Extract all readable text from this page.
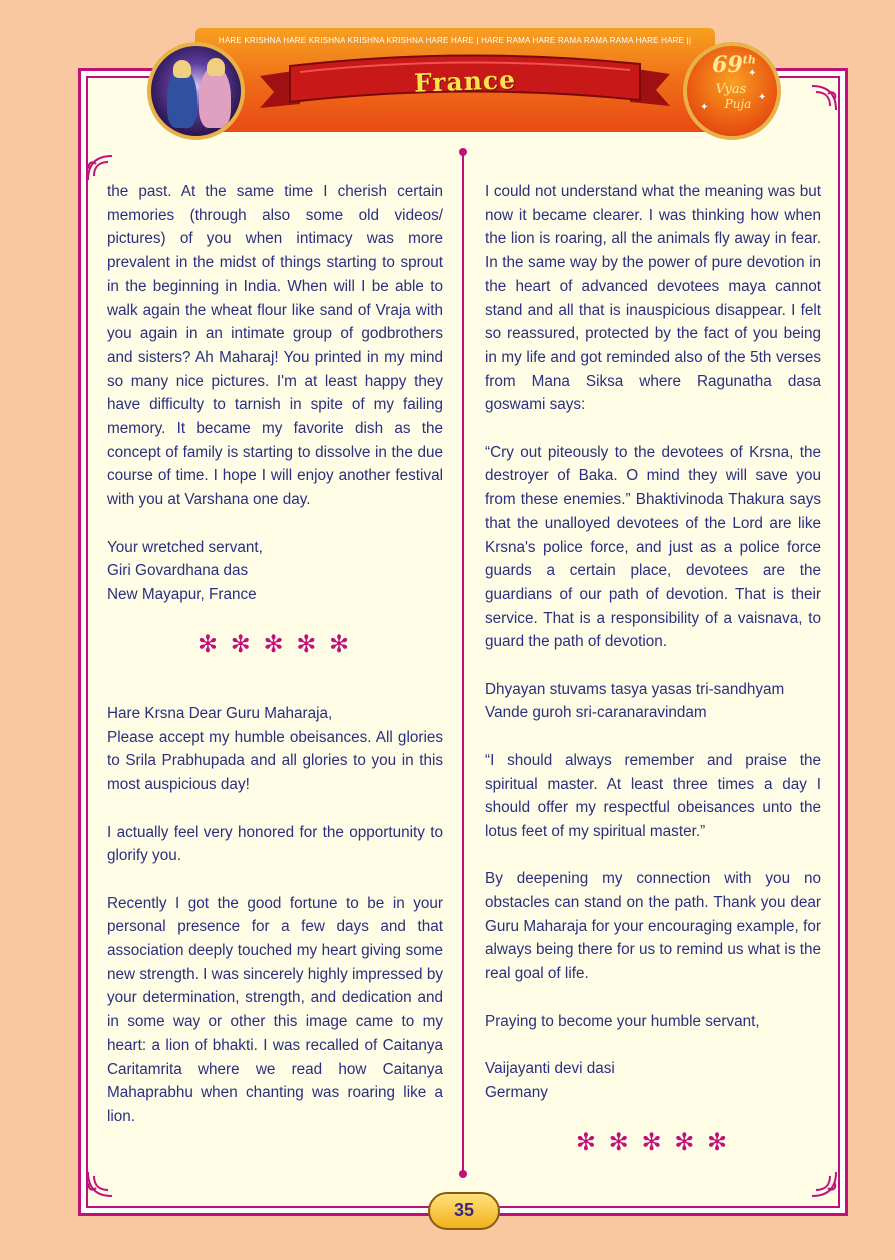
HARE KRISHNA HARE KRISHNA KRISHNA KRISHNA HARE HARE | HARE RAMA HARE RAMA RAMA RAMA HARE HARE ||
France
69th
Vyas
Puja
✦
✦
✦

the past. At the same time I cherish certain memories (through also some old videos/ pictures) of you when intimacy was more prevalent in the midst of things starting to sprout in the beginning in India. When will I be able to walk again the wheat flour like sand of Vraja with you again in an intimate group of godbrothers and sisters? Ah Maharaj! You printed in my mind so many nice pictures. I'm at least happy they have difficulty to tarnish in spite of my failing memory. It became my favorite dish as the concept of family is starting to dissolve in the due course of time. I hope I will enjoy another festival with you at Varshana one day.

Your wretched servant,
Giri Govardhana das
New Mayapur, France

✻ ✻ ✻ ✻ ✻

Hare Krsna Dear Guru Maharaja,

Please accept my humble obeisances. All glories to Srila Prabhupada and all glories to you in this most auspicious day!

I actually feel very honored for the opportunity to glorify you.

Recently I got the good fortune to be in your personal presence for a few days and that association deeply touched my heart giving some new strength. I was sincerely highly impressed by your determination, strength, and dedication and in some way or other this image came to my heart: a lion of bhakti. I was recalled of Caitanya Caritamrita where we read how Caitanya Mahaprabhu when chanting was roaring like a lion.

I could not understand what the meaning was but now it became clearer. I was thinking how when the lion is roaring, all the animals fly away in fear. In the same way by the power of pure devotion in the heart of advanced devotees maya cannot stand and all that is inauspicious disappear. I felt so reassured, protected by the fact of you being in my life and got reminded also of the 5th verses from Mana Siksa where Ragunatha dasa goswami says:

“Cry out piteously to the devotees of Krsna, the destroyer of Baka. O mind they will save you from these enemies.” Bhaktivinoda Thakura says that the unalloyed devotees of the Lord are like Krsna's police force, and just as a police force guards a certain place, devotees are the guardians of our path of devotion. That is their service. That is a responsibility of a vaisnava, to guard the path of devotion.

Dhyayan stuvams tasya yasas tri-sandhyam
Vande guroh sri-caranaravindam

“I should always remember and praise the spiritual master. At least three times a day I should offer my respectful obeisances unto the lotus feet of my spiritual master.”

By deepening my connection with you no obstacles can stand on the path. Thank you dear Guru Maharaja for your encouraging example, for always being there for us to remind us what is the real goal of life.

Praying to become your humble servant,

Vaijayanti devi dasi
Germany

✻ ✻ ✻ ✻ ✻

35
